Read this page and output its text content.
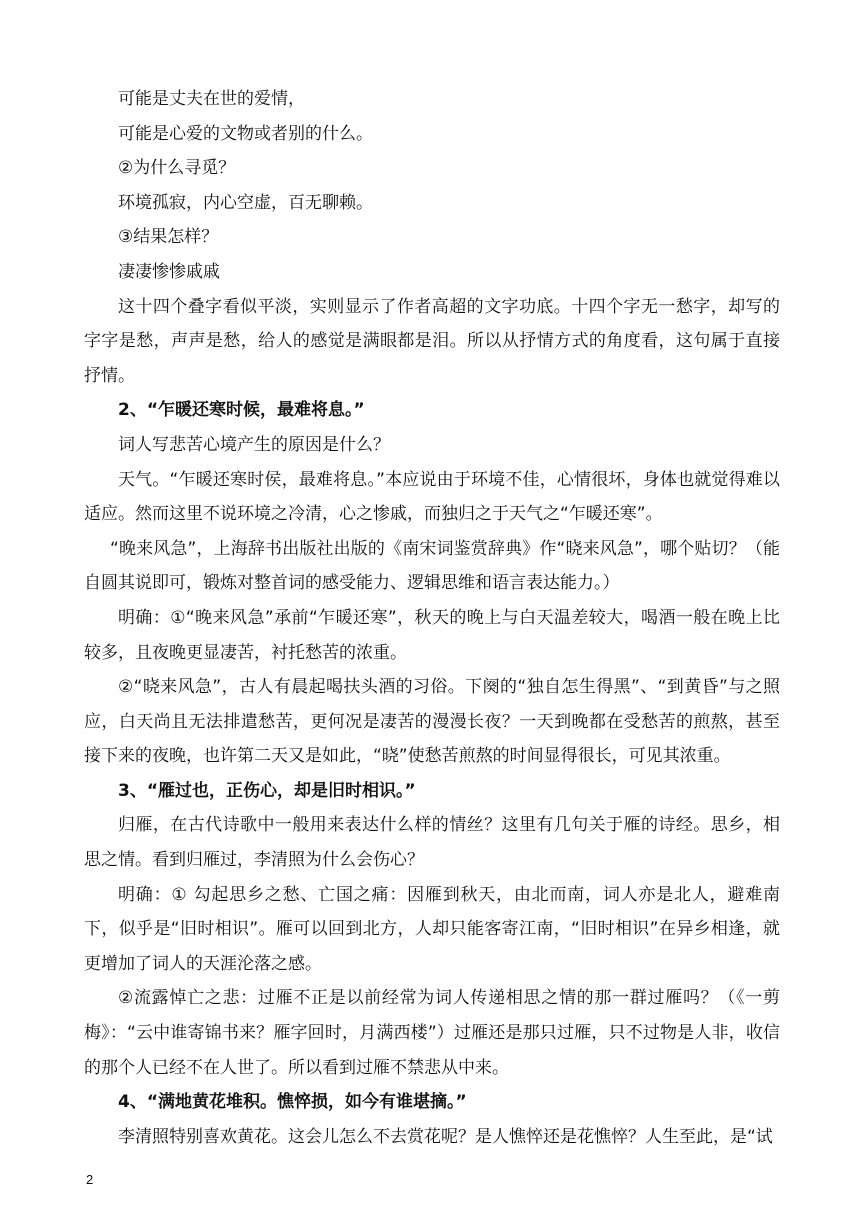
可能是丈夫在世的爱情，

可能是心爱的文物或者别的什么。

②为什么寻觅？

环境孤寂，内心空虚，百无聊赖。

③结果怎样？

凄凄惨惨戚戚

这十四个叠字看似平淡，实则显示了作者高超的文字功底。十四个字无一愁字，却写的字字是愁，声声是愁，给人的感觉是满眼都是泪。所以从抒情方式的角度看，这句属于直接抒情。

2、“乍暖还寒时候，最难将息。”

词人写悲苦心境产生的原因是什么？

天气。“乍暖还寒时侯，最难将息。”本应说由于环境不佳，心情很坏，身体也就觉得难以适应。然而这里不说环境之冷清，心之惨戚，而独归之于天气之“乍暖还寒”。

“晚来风急”，上海辞书出版社出版的《南宋词鉴赏辞典》作“晓来风急”，哪个贴切？（能自圆其说即可，锻炼对整首词的感受能力、逻辑思维和语言表达能力。）

明确：①“晚来风急”承前“乍暖还寒”，秋天的晚上与白天温差较大，喝酒一般在晚上比较多，且夜晚更显凄苦，衬托愁苦的浓重。

②“晓来风急”，古人有晨起喝扶头酒的习俗。下阕的“独自怎生得黑”、“到黄昏”与之照应，白天尚且无法排遣愁苦，更何况是凄苦的漫漫长夜？一天到晚都在受愁苦的煎熬，甚至接下来的夜晚，也许第二天又是如此，“晓”使愁苦煎熬的时间显得很长，可见其浓重。

3、“雁过也，正伤心，却是旧时相识。”

归雁，在古代诗歌中一般用来表达什么样的情丝？这里有几句关于雁的诗经。思乡，相思之情。看到归雁过，李清照为什么会伤心？

明确：① 勾起思乡之愁、亡国之痛：因雁到秋天，由北而南，词人亦是北人，避难南下，似乎是“旧时相识”。雁可以回到北方，人却只能客寄江南，“旧时相识”在异乡相逢，就更增加了词人的天涯沦落之感。

②流露悼亡之悲：过雁不正是以前经常为词人传递相思之情的那一群过雁吗？（《一剪梅》：“云中谁寄锦书来？雁字回时，月满西楼”）过雁还是那只过雁，只不过物是人非，收信的那个人已经不在人世了。所以看到过雁不禁悲从中来。

4、“满地黄花堆积。憔悴损，如今有谁堪摘。”

李清照特别喜欢黄花。这会儿怎么不去赏花呢？是人憔悴还是花憔悴？人生至此，是“试

2
